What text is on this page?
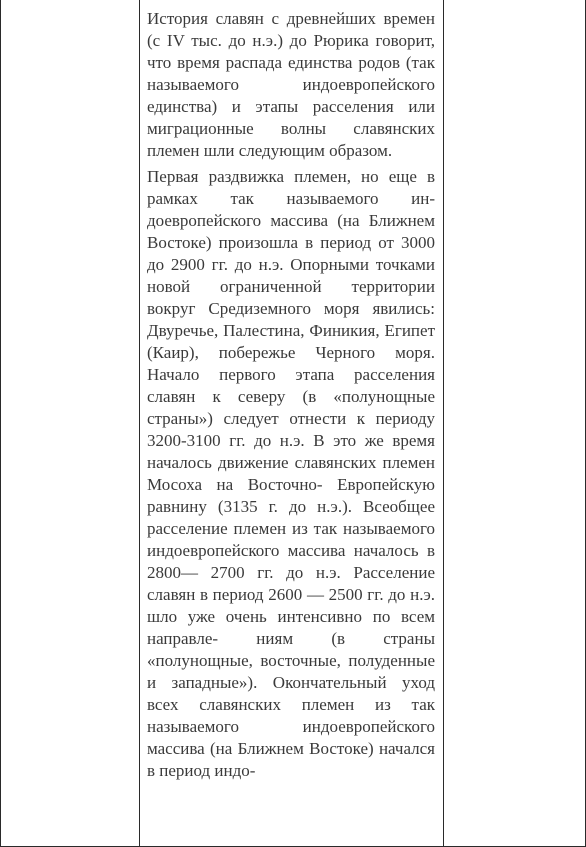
История славян с древнейших времен (с IV тыс. до н.э.) до Рюрика говорит, что время распада единства родов (так называемого индоевропейского единства) и этапы расселения или миграционные волны славянских племен шли следующим образом.

Первая раздвижка племен, но еще в рамках так называемого ин- доевропейского массива (на Ближнем Востоке) произошла в период от 3000 до 2900 гг. до н.э. Опорными точками новой ограниченной территории вокруг Средиземного моря явились: Двуречье, Палестина, Финикия, Египет (Каир), побережье Черного моря. Начало первого этапа расселения славян к северу (в «полунощные страны») следует отнести к периоду 3200-3100 гг. до н.э. В это же время началось движение славянских племен Мосоха на Восточно- Европейскую равнину (3135 г. до н.э.). Всеобщее расселение племен из так называемого индоевропейского массива началось в 2800— 2700 гг. до н.э. Расселение славян в период 2600 — 2500 гг. до н.э. шло уже очень интенсивно по всем направле- ниям (в страны «полунощные, восточные, полуденные и западные»). Окончательный уход всех славянских племен из так называемого индоевропейского массива (на Ближнем Востоке) начался в период индо-
